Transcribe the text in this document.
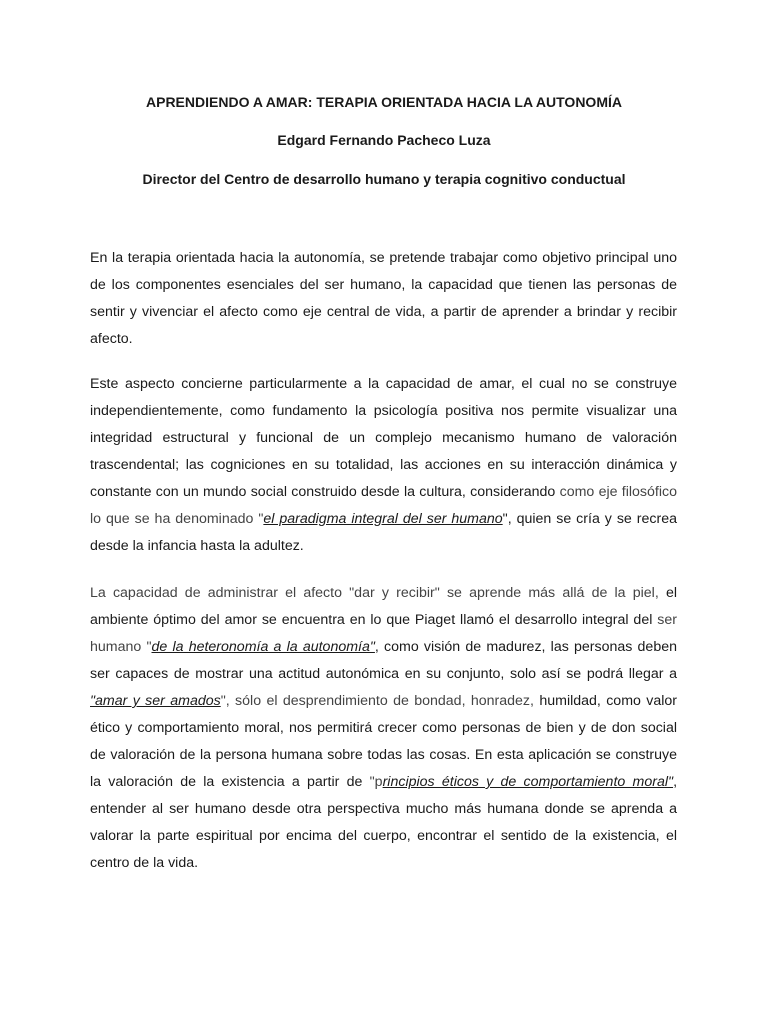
APRENDIENDO A AMAR: TERAPIA ORIENTADA HACIA LA AUTONOMÍA
Edgard Fernando Pacheco Luza
Director del Centro de desarrollo humano y terapia cognitivo conductual

En la terapia orientada hacia la autonomía, se pretende trabajar como objetivo principal uno de los componentes esenciales del ser humano, la capacidad que tienen las personas de sentir y vivenciar el afecto como eje central de vida, a partir de aprender a brindar y recibir afecto.

Este aspecto concierne particularmente a la capacidad de amar, el cual no se construye independientemente, como fundamento la psicología positiva nos permite visualizar una integridad estructural y funcional de un complejo mecanismo humano de valoración trascendental; las cogniciones en su totalidad, las acciones en su interacción dinámica y constante con un mundo social construido desde la cultura, considerando como eje filosófico lo que se ha denominado "el paradigma integral del ser humano", quien se cría y se recrea desde la infancia hasta la adultez.

La capacidad de administrar el afecto "dar y recibir" se aprende más allá de la piel, el ambiente óptimo del amor se encuentra en lo que Piaget llamó el desarrollo integral del ser humano "de la heteronomía a la autonomía", como visión de madurez, las personas deben ser capaces de mostrar una actitud autonómica en su conjunto, solo así se podrá llegar a "amar y ser amados", sólo el desprendimiento de bondad, honradez, humildad, como valor ético y comportamiento moral, nos permitirá crecer como personas de bien y de don social de valoración de la persona humana sobre todas las cosas. En esta aplicación se construye la valoración de la existencia a partir de "principios éticos y de comportamiento moral", entender al ser humano desde otra perspectiva mucho más humana donde se aprenda a valorar la parte espiritual por encima del cuerpo, encontrar el sentido de la existencia, el centro de la vida.
